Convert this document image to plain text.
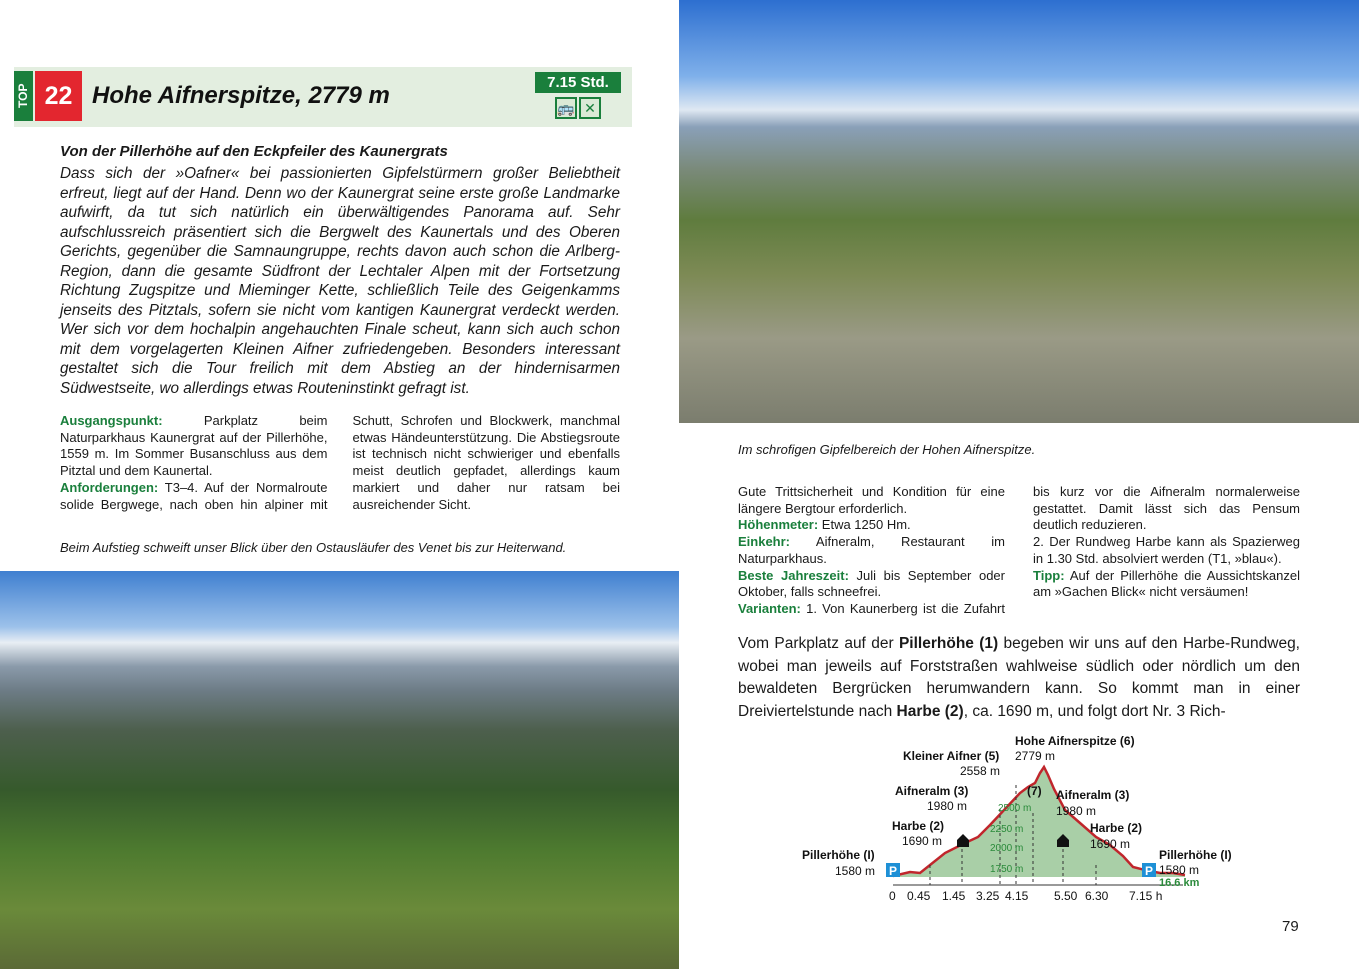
TOP 22 Hohe Aifnerspitze, 2779 m	7.15 Std.
🚌 ✕
Von der Pillerhöhe auf den Eckpfeiler des Kaunergrats
Dass sich der »Oafner« bei passionierten Gipfelstürmern großer Beliebtheit erfreut, liegt auf der Hand. Denn wo der Kaunergrat seine erste große Landmarke aufwirft, da tut sich natürlich ein überwältigendes Panorama auf. Sehr aufschlussreich präsentiert sich die Bergwelt des Kaunertals und des Oberen Gerichts, gegenüber die Samnaungruppe, rechts davon auch schon die Arlberg-Region, dann die gesamte Südfront der Lechtaler Alpen mit der Fortsetzung Richtung Zugspitze und Mieminger Kette, schließlich Teile des Geigenkamms jenseits des Pitztals, sofern sie nicht vom kantigen Kaunergrat verdeckt werden. Wer sich vor dem hochalpin angehauchten Finale scheut, kann sich auch schon mit dem vorgelagerten Kleinen Aifner zufriedengeben. Besonders interessant gestaltet sich die Tour freilich mit dem Abstieg an der hindernisarmen Südwestseite, wo allerdings etwas Routeninstinkt gefragt ist.
Ausgangspunkt: Parkplatz beim Naturparkhaus Kaunergrat auf der Pillerhöhe, 1559 m. Im Sommer Busanschluss aus dem Pitztal und dem Kaunertal.
Anforderungen: T3–4. Auf der Normalroute solide Bergwege, nach oben hin alpiner mit Schutt, Schrofen und Blockwerk, manchmal etwas Händeunterstützung. Die Abstiegsroute ist technisch nicht schwieriger und ebenfalls meist deutlich gepfadet, allerdings kaum markiert und daher nur ratsam bei ausreichender Sicht.
Beim Aufstieg schweift unser Blick über den Ostausläufer des Venet bis zur Heiterwand.
Im schrofigen Gipfelbereich der Hohen Aifnerspitze.
Gute Trittsicherheit und Kondition für eine längere Bergtour erforderlich.
Höhenmeter: Etwa 1250 Hm.
Einkehr: Aifneralm, Restaurant im Naturparkhaus.
Beste Jahreszeit: Juli bis September oder Oktober, falls schneefrei.
Varianten: 1. Von Kaunerberg ist die Zufahrt bis kurz vor die Aifneralm normalerweise gestattet. Damit lässt sich das Pensum deutlich reduzieren.
2. Der Rundweg Harbe kann als Spazierweg in 1.30 Std. absolviert werden (T1, »blau«).
Tipp: Auf der Pillerhöhe die Aussichtskanzel am »Gachen Blick« nicht versäumen!
Vom Parkplatz auf der Pillerhöhe (1) begeben wir uns auf den Harbe-Rundweg, wobei man jeweils auf Forststraßen wahlweise südlich oder nördlich um den bewaldeten Bergrücken herumwandern kann. So kommt man in einer Dreiviertelstunde nach Harbe (2), ca. 1690 m, und folgt dort Nr. 3 Rich-
P	P
2500 m
2250 m
2000 m
1750 m
16.6 km
0 0.45 1.45 3.25 4.15 5.50 6.30 7.15 h
Pillerhöhe (I)
1580 m
Harbe (2)
1690 m
Aifneralm (3)
1980 m
Kleiner Aifner (5)
2558 m
Hohe Aifnerspitze (6)
2779 m
(7) Aifneralm (3)
1980 m
Harbe (2)
1690 m
Pillerhöhe (I)
1580 m
79
